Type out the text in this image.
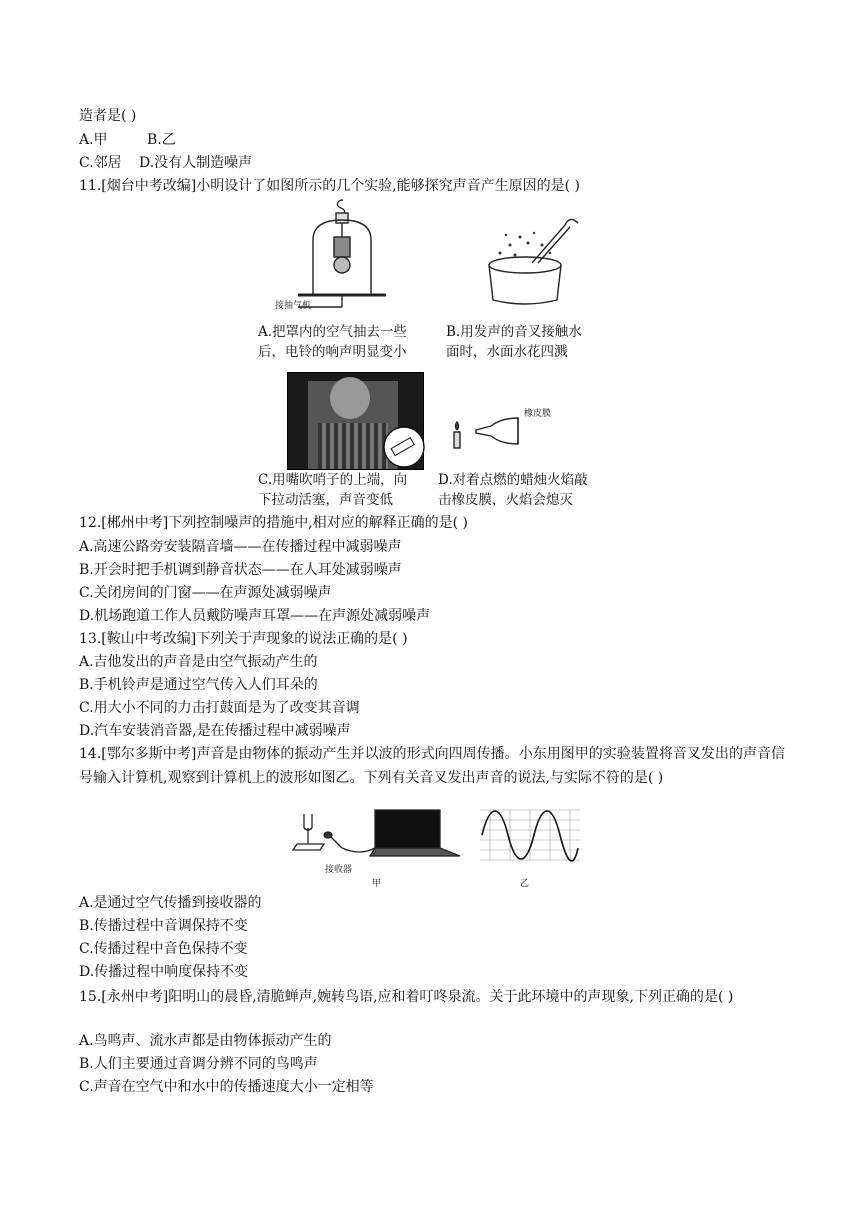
造者是( )
A.甲	B.乙
C.邻居 D.没有人制造噪声
11.[烟台中考改编]小明设计了如图所示的几个实验,能够探究声音产生原因的是( )
接抽气机
A.把罩内的空气抽去一些
后，电铃的响声明显变小
B.用发声的音叉接触水
面时，水面水花四溅
C.用嘴吹哨子的上端，向
下拉动活塞，声音变低
橡皮膜
D.对着点燃的蜡烛火焰敲
击橡皮膜，火焰会熄灭
12.[郴州中考]下列控制噪声的措施中,相对应的解释正确的是( )
A.高速公路旁安装隔音墙——在传播过程中减弱噪声
B.开会时把手机调到静音状态——在人耳处减弱噪声
C.关闭房间的门窗——在声源处减弱噪声
D.机场跑道工作人员戴防噪声耳罩——在声源处减弱噪声
13.[鞍山中考改编]下列关于声现象的说法正确的是( )
A.吉他发出的声音是由空气振动产生的
B.手机铃声是通过空气传入人们耳朵的
C.用大小不同的力击打鼓面是为了改变其音调
D.汽车安装消音器,是在传播过程中减弱噪声
14.[鄂尔多斯中考]声音是由物体的振动产生并以波的形式向四周传播。小东用图甲的实验装置将音叉发出的声音信号输入计算机,观察到计算机上的波形如图乙。下列有关音叉发出声音的说法,与实际不符的是( )
接收器
甲	乙
A.是通过空气传播到接收器的
B.传播过程中音调保持不变
C.传播过程中音色保持不变
D.传播过程中响度保持不变
15.[永州中考]阳明山的晨昏,清脆蝉声,婉转鸟语,应和着叮咚泉流。关于此环境中的声现象,下列正确的是( )
A.鸟鸣声、流水声都是由物体振动产生的
B.人们主要通过音调分辨不同的鸟鸣声
C.声音在空气中和水中的传播速度大小一定相等
